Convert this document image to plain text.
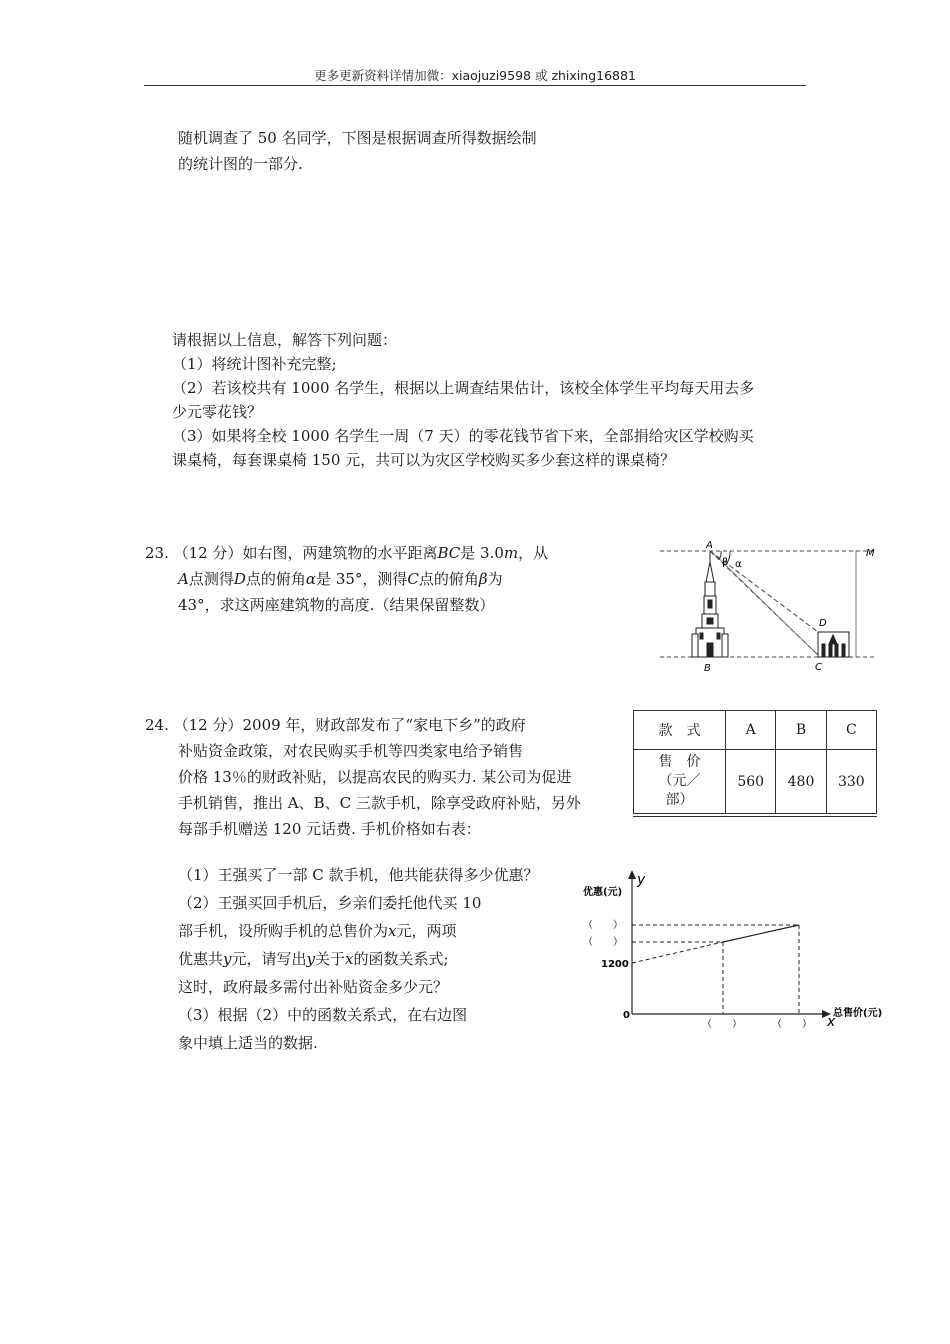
更多更新资料详情加微：xiaojuzi9598 或 zhixing16881
随机调查了 50 名同学，下图是根据调查所得数据绘制
的统计图的一部分.
请根据以上信息，解答下列问题：
（1）将统计图补充完整;
（2）若该校共有 1000 名学生，根据以上调查结果估计，该校全体学生平均每天用去多
少元零花钱？
（3）如果将全校 1000 名学生一周（7 天）的零花钱节省下来，全部捐给灾区学校购买
课桌椅，每套课桌椅 150 元，共可以为灾区学校购买多少套这样的课桌椅？
23. （12 分）如右图，两建筑物的水平距离BC是 3.0m，从
A点测得D点的俯角α是 35°，测得C点的俯角β为
43°，求这两座建筑物的高度.（结果保留整数）
A
B	C
D
M
β α
24. （12 分）2009 年，财政部发布了“家电下乡”的政府
补贴资金政策，对农民购买手机等四类家电给予销售
价格 13％的财政补贴，以提高农民的购买力. 某公司为促进
手机销售，推出 A、B、C 三款手机，除享受政府补贴，另外
每部手机赠送 120 元话费. 手机价格如右表：
（1）王强买了一部 C 款手机，他共能获得多少优惠？
（2）王强买回手机后，乡亲们委托他代买 10
部手机，设所购手机的总售价为x元，两项
优惠共y元，请写出y关于x的函数关系式;
这时，政府最多需付出补贴资金多少元？
（3）根据（2）中的函数关系式，在右边图
象中填上适当的数据.
款　式	A	B	C

售　价
（元／
部）	560	480	330
y
优惠(元)
x
总售价(元)
0
1200
（　　）
（　　）
（　　）	（　　）
